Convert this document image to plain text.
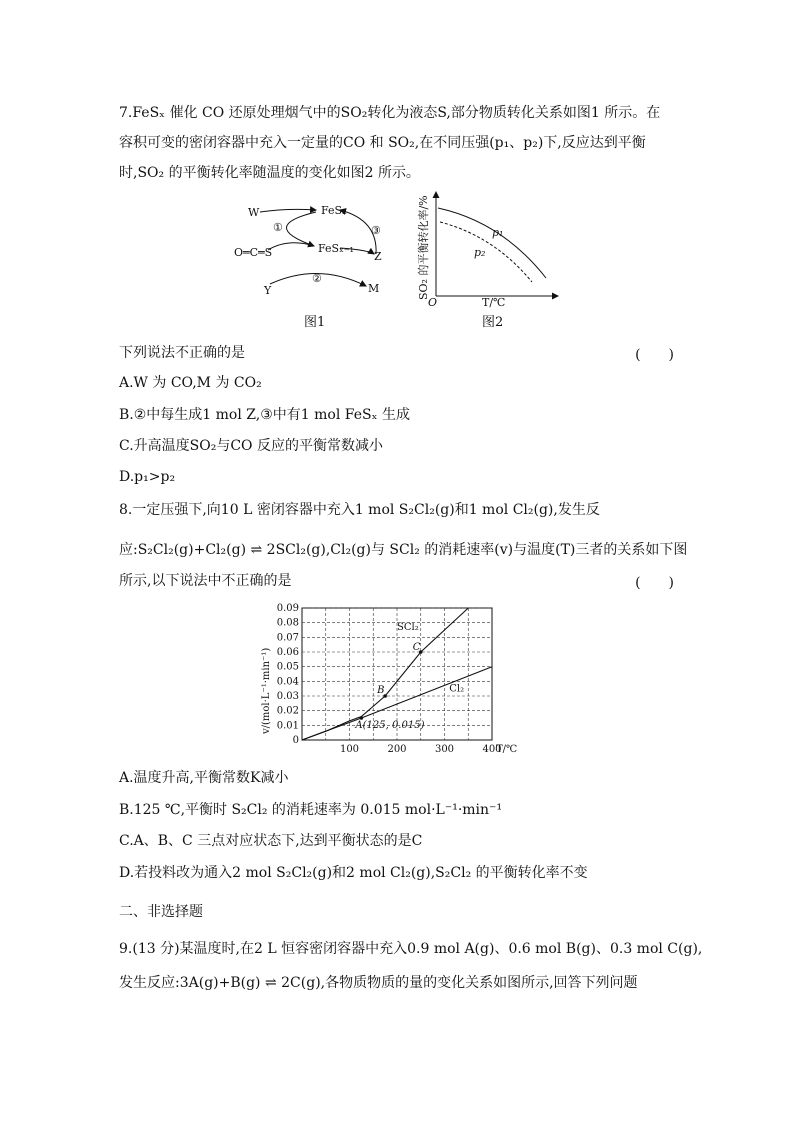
7.FeSₓ 催化 CO 还原处理烟气中的SO₂转化为液态S,部分物质转化关系如图1 所示。在
容积可变的密闭容器中充入一定量的CO 和 SO₂,在不同压强(p₁、p₂)下,反应达到平衡
时,SO₂ 的平衡转化率随温度的变化如图2 所示。
W	FeSₓ
①	③
O═C═S	FeSₓ₋₁
Z
②
Y	M
图1
SO₂ 的平衡转化率/%
O	T/℃
p₁
p₂
图2
下列说法不正确的是	(　　)
A.W 为 CO,M 为 CO₂
B.②中每生成1 mol Z,③中有1 mol FeSₓ 生成
C.升高温度SO₂与CO 反应的平衡常数减小
D.p₁>p₂
8.一定压强下,向10 L 密闭容器中充入1 mol S₂Cl₂(g)和1 mol Cl₂(g),发生反
应:S₂Cl₂(g)+Cl₂(g) ⇌ 2SCl₂(g),Cl₂(g)与 SCl₂ 的消耗速率(v)与温度(T)三者的关系如下图
所示,以下说法中不正确的是	(　　)
0
0.01
0.02
0.03
0.04
0.05
0.06
0.07
0.08
0.09
100	200	300	400
SCl₂
Cl₂
A(125, 0.015)
B
C
v/(mol·L⁻¹·min⁻¹)
T/℃
A.温度升高,平衡常数K减小
B.125 ℃,平衡时 S₂Cl₂ 的消耗速率为 0.015 mol·L⁻¹·min⁻¹
C.A、B、C 三点对应状态下,达到平衡状态的是C
D.若投料改为通入2 mol S₂Cl₂(g)和2 mol Cl₂(g),S₂Cl₂ 的平衡转化率不变
二、非选择题
9.(13 分)某温度时,在2 L 恒容密闭容器中充入0.9 mol A(g)、0.6 mol B(g)、0.3 mol C(g),
发生反应:3A(g)+B(g) ⇌ 2C(g),各物质物质的量的变化关系如图所示,回答下列问题
